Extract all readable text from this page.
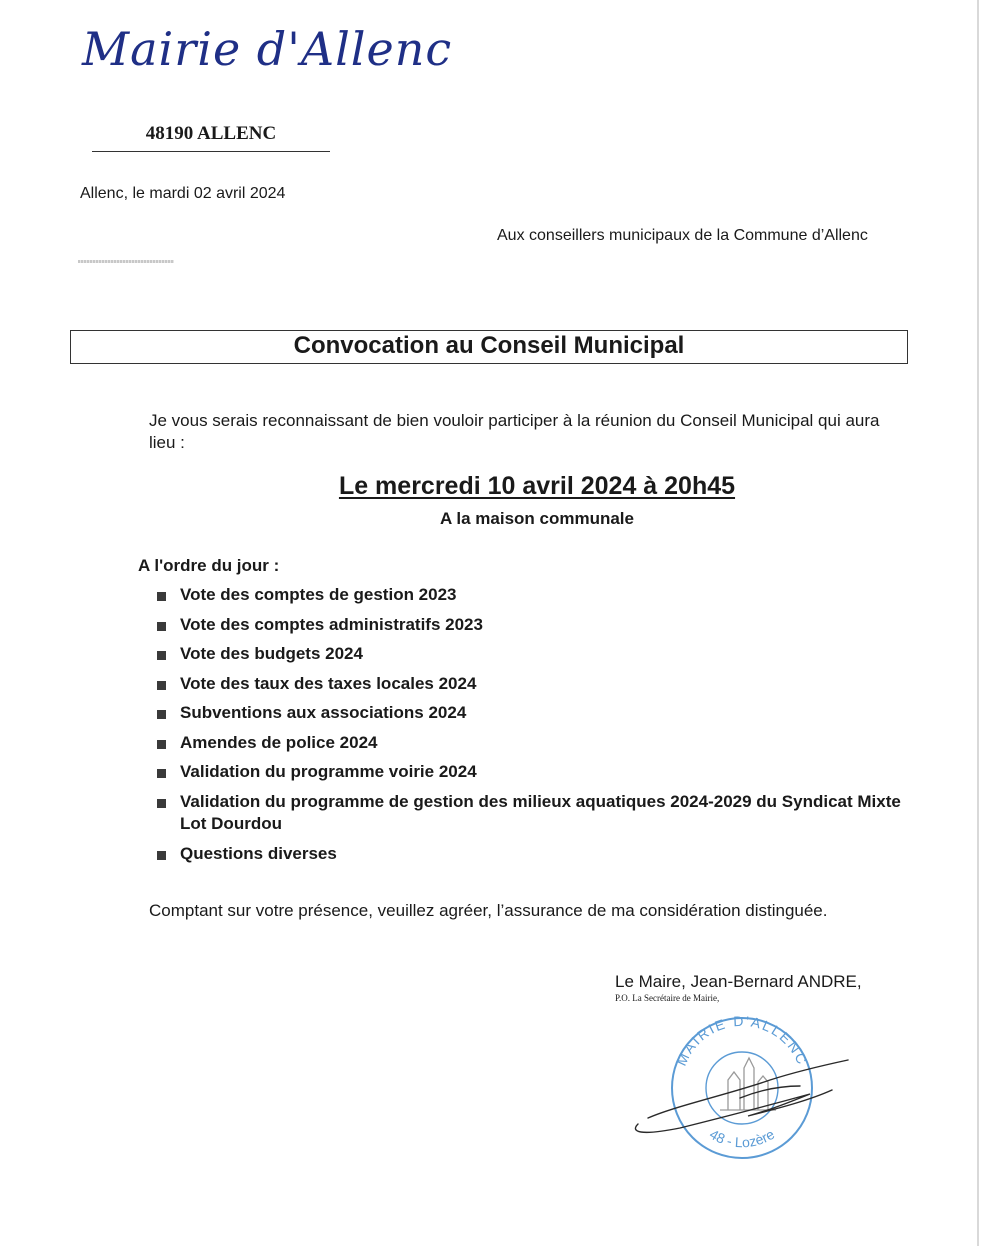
Mairie d'Allenc
48190 ALLENC
Allenc, le mardi 02 avril 2024
Aux conseillers municipaux de la Commune d’Allenc
Convocation au Conseil Municipal
Je vous serais reconnaissant de bien vouloir participer à la réunion du Conseil Municipal qui aura lieu :
Le mercredi 10 avril 2024 à 20h45
A la maison communale
A l'ordre du jour :
Vote des comptes de gestion 2023
Vote des comptes administratifs 2023
Vote des budgets 2024
Vote des taux des taxes locales 2024
Subventions aux associations 2024
Amendes de police 2024
Validation du programme voirie 2024
Validation du programme de gestion des milieux aquatiques 2024-2029 du Syndicat Mixte Lot Dourdou
Questions diverses
Comptant sur votre présence, veuillez agréer, l’assurance de ma considération distinguée.
Le Maire, Jean-Bernard ANDRE,
P.O. La Secrétaire de Mairie,
MAIRIE D'ALLENC
48 - Lozère
